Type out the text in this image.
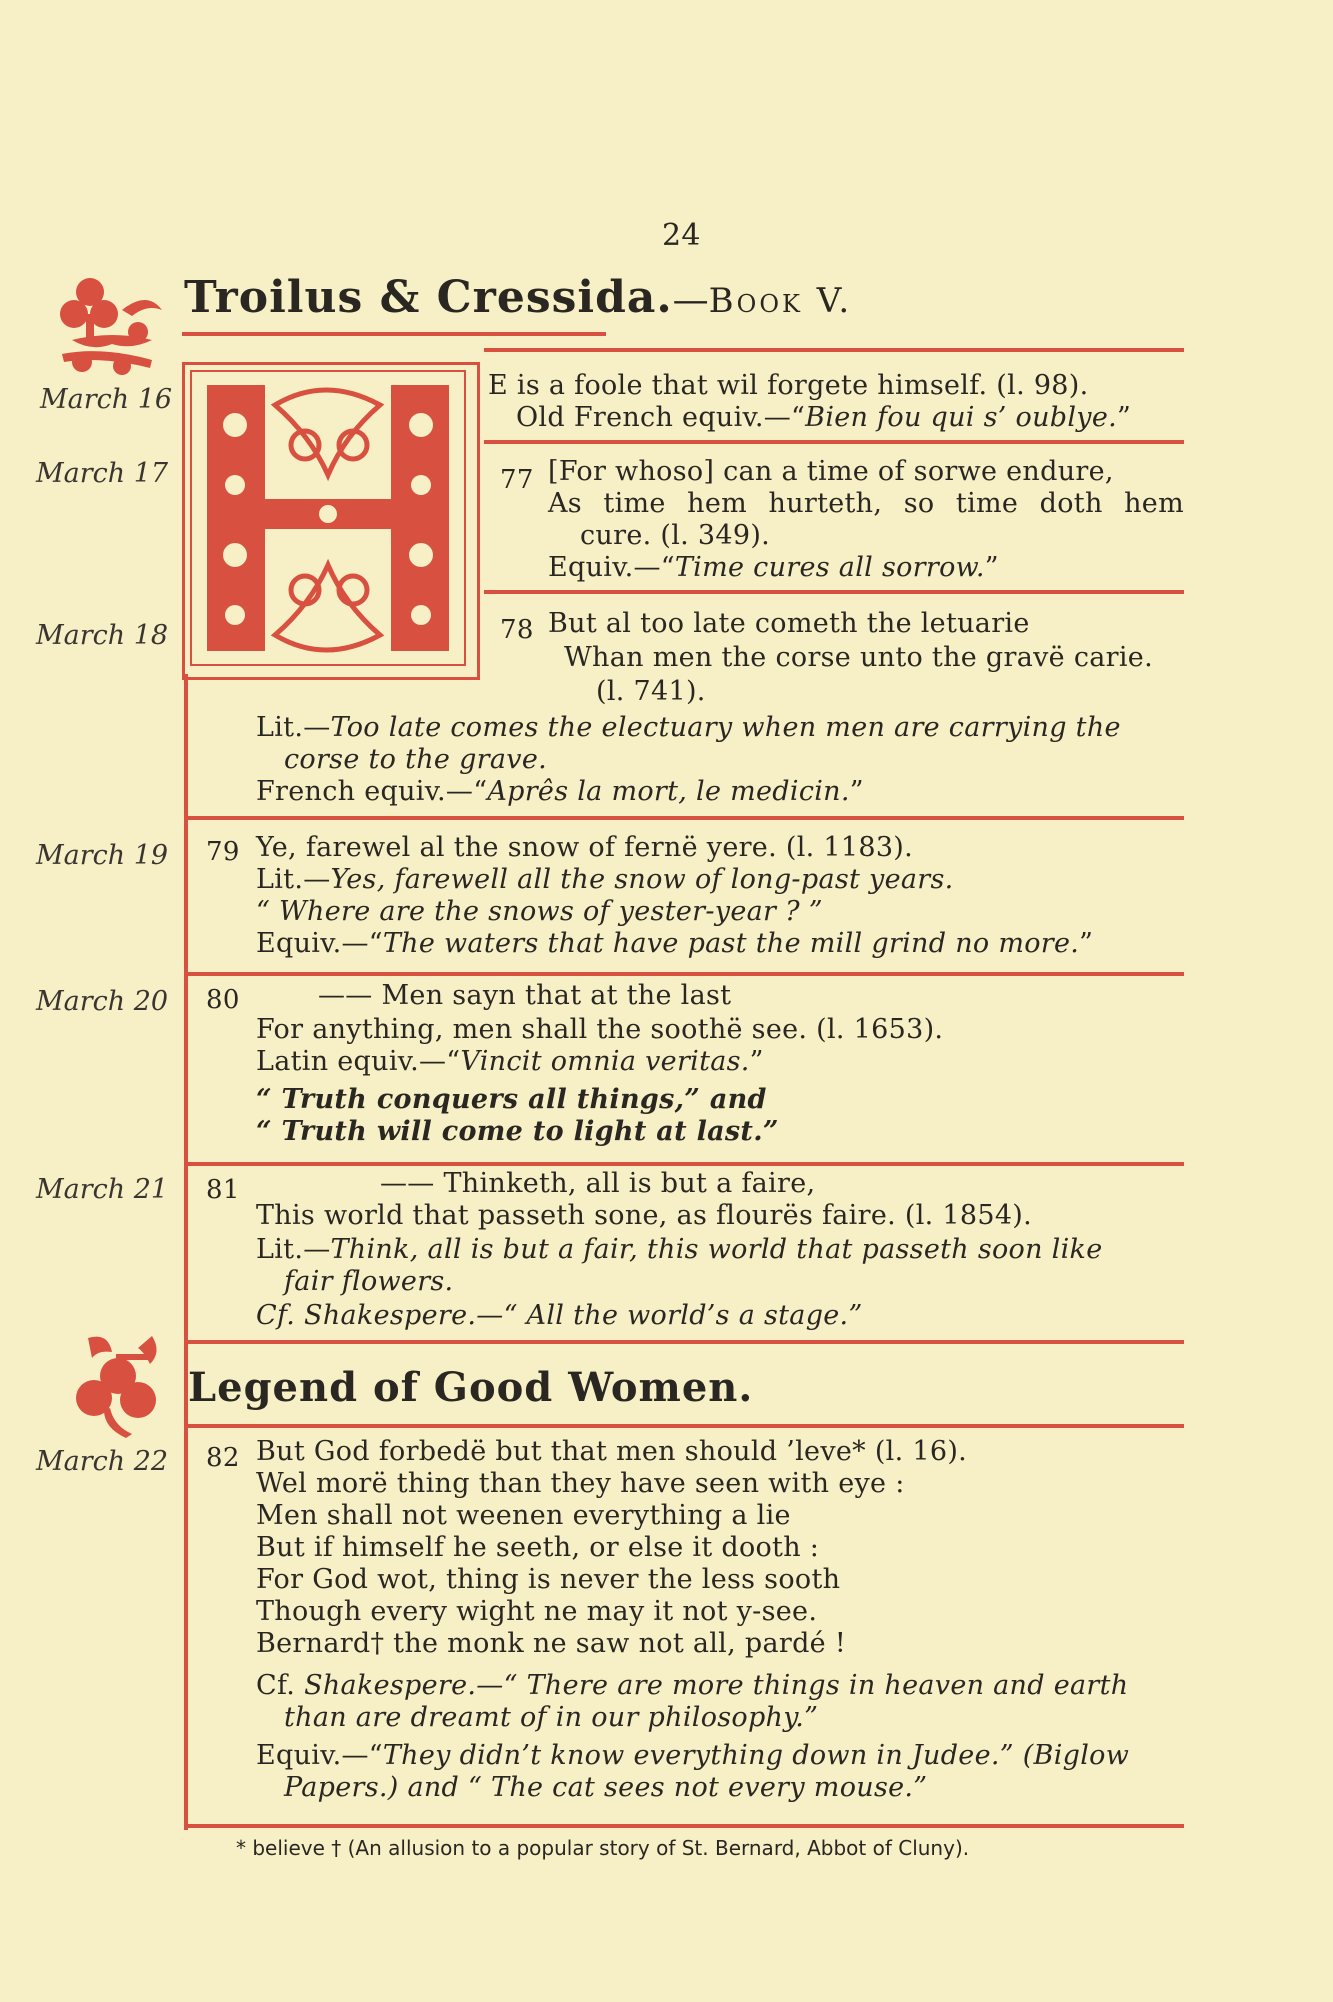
24
Troilus & Cressida.—Book V.
March 16
March 17
March 18
March 19
March 20
March 21
March 22
E is a foole that wil forgete himself. (l. 98).
Old French equiv.—“Bien fou qui s’ oublye.”
77 [For whoso] can a time of sorwe endure,
As time hem hurteth, so time doth hem
cure. (l. 349).
Equiv.—“Time cures all sorrow.”
78 But al too late cometh the letuarie
Whan men the corse unto the gravë carie.
(l. 741).
Lit.—Too late comes the electuary when men are carrying the
corse to the grave.
French equiv.—“Aprês la mort, le medicin.”
79 Ye, farewel al the snow of fernë yere. (l. 1183).
Lit.—Yes, farewell all the snow of long-past years.
“ Where are the snows of yester-year ? ”
Equiv.—“The waters that have past the mill grind no more.”
80	—— Men sayn that at the last
For anything, men shall the soothë see. (l. 1653).
Latin equiv.—“Vincit omnia veritas.”
“ Truth conquers all things,” and
“ Truth will come to light at last.”
81	—— Thinketh, all is but a faire,
This world that passeth sone, as flourës faire. (l. 1854).
Lit.—Think, all is but a fair, this world that passeth soon like
fair flowers.
Cf. Shakespere.—“ All the world’s a stage.”
Legend of Good Women.
82 But God forbedë but that men should ’leve* (l. 16).
Wel morë thing than they have seen with eye :
Men shall not weenen everything a lie
But if himself he seeth, or else it dooth :
For God wot, thing is never the less sooth
Though every wight ne may it not y-see.
Bernard† the monk ne saw not all, pardé !
Cf. Shakespere.—“ There are more things in heaven and earth
than are dreamt of in our philosophy.”
Equiv.—“They didn’t know everything down in Judee.” (Biglow
Papers.) and “ The cat sees not every mouse.”
* believe † (An allusion to a popular story of St. Bernard, Abbot of Cluny).
